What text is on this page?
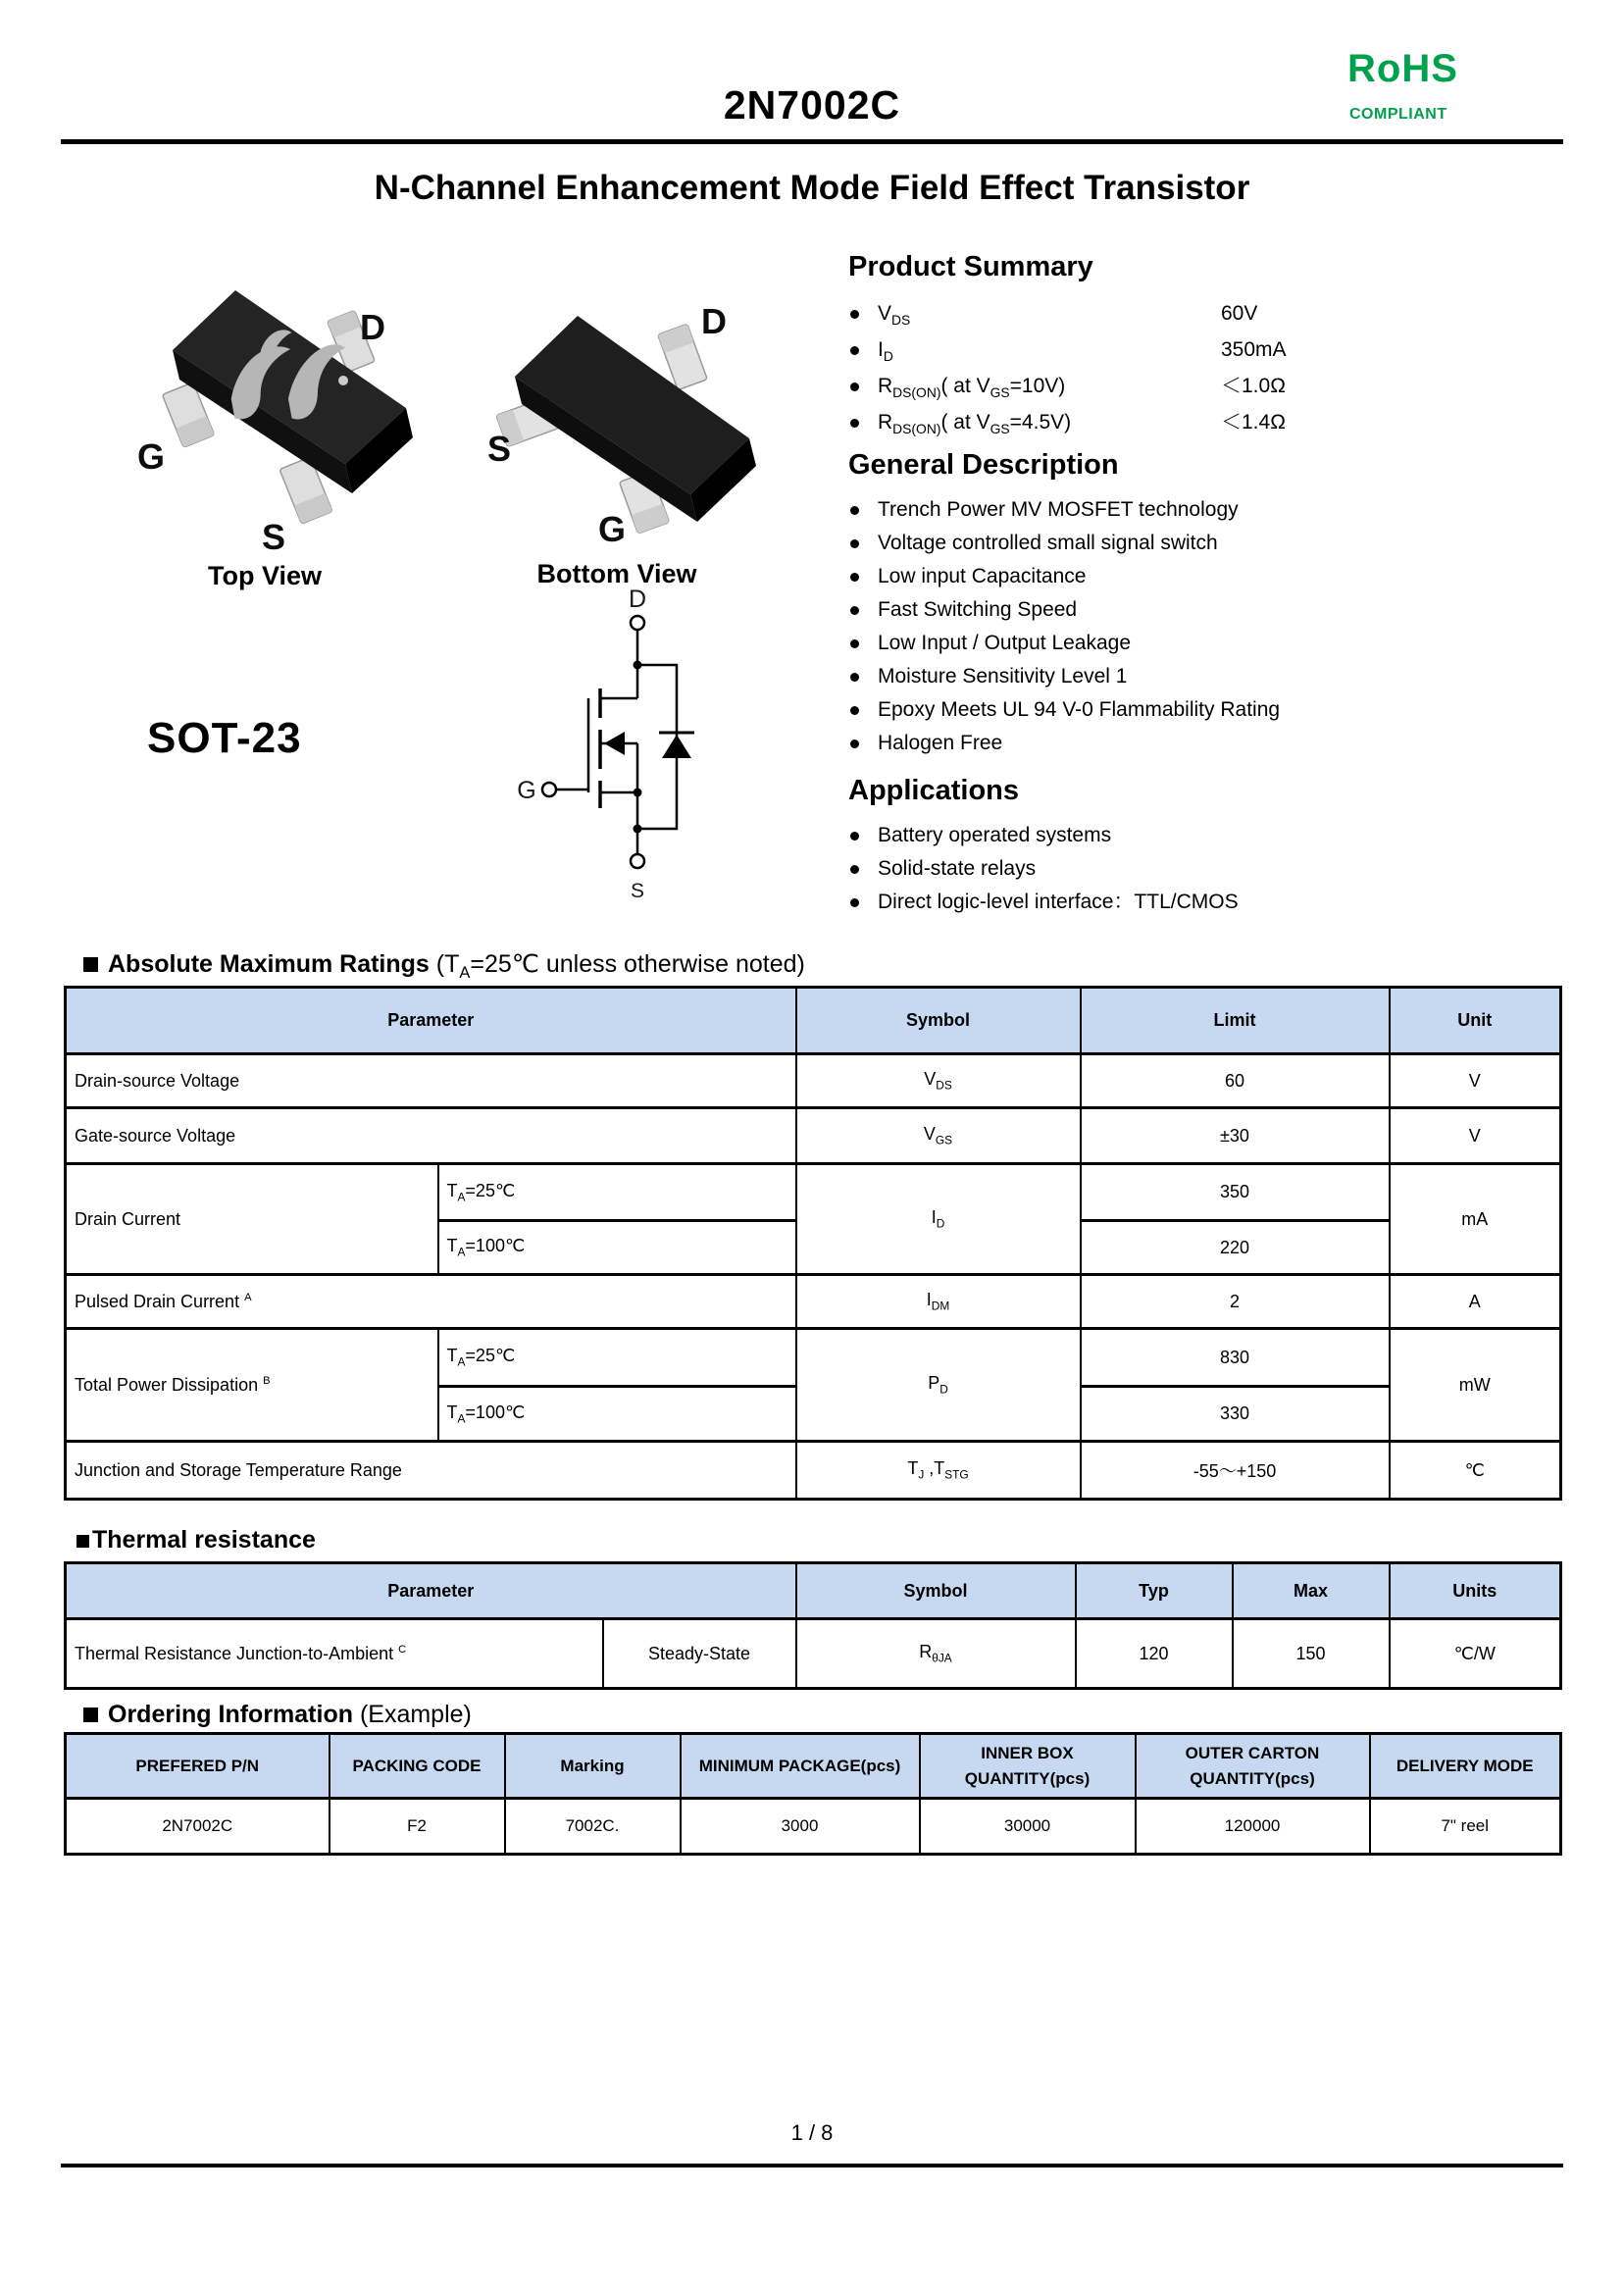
2N7002C
RoHS
COMPLIANT
N-Channel Enhancement Mode Field Effect Transistor
D
G
S
Top View
D
S
G
Bottom View
SOT-23
D
G
S
Product Summary
$V_{DS}$	60V
$I_D$	350mA
$R_{DS(ON)}$( at $V_{GS}=10V$)	＜1.0Ω
$R_{DS(ON)}$( at $V_{GS}=4.5V$)	＜1.4Ω
General Description
Trench Power MV MOSFET technology
Voltage controlled small signal switch
Low input Capacitance
Fast Switching Speed
Low Input / Output Leakage
Moisture Sensitivity Level 1
Epoxy Meets UL 94 V-0 Flammability Rating
Halogen Free
Applications
Battery operated systems
Solid-state relays
Direct logic-level interface：TTL/CMOS
Absolute Maximum Ratings ($T_A=25℃$ unless otherwise noted)
Parameter		Symbol	Limit	Unit
Drain-source Voltage		$V_{DS}$	60	V
Gate-source Voltage		$V_{GS}$	±30	V
Drain Current	$T_A=25℃$	$I_D$	350	mA
	$T_A=100℃$		220	
Pulsed Drain Current $^A$		$I_{DM}$	2	A
Total Power Dissipation $^B$	$T_A=25℃$	$P_D$	830	mW
	$T_A=100℃$		330	
Junction and Storage Temperature Range		$T_J$ $,T_{STG}$	-55～+150	℃
Thermal resistance
Parameter		Symbol	Typ	Max	Units
Thermal Resistance Junction-to-Ambient $^C$	Steady-State	$R_{\theta JA}$	120	150	℃/W
Ordering Information (Example)
PREFERED P/N	PACKING CODE	Marking	MINIMUM PACKAGE(pcs)	INNER BOX QUANTITY(pcs)	OUTER CARTON QUANTITY(pcs)	DELIVERY MODE
2N7002C	F2	7002C.	3000	30000	120000	7" reel
1 / 8
